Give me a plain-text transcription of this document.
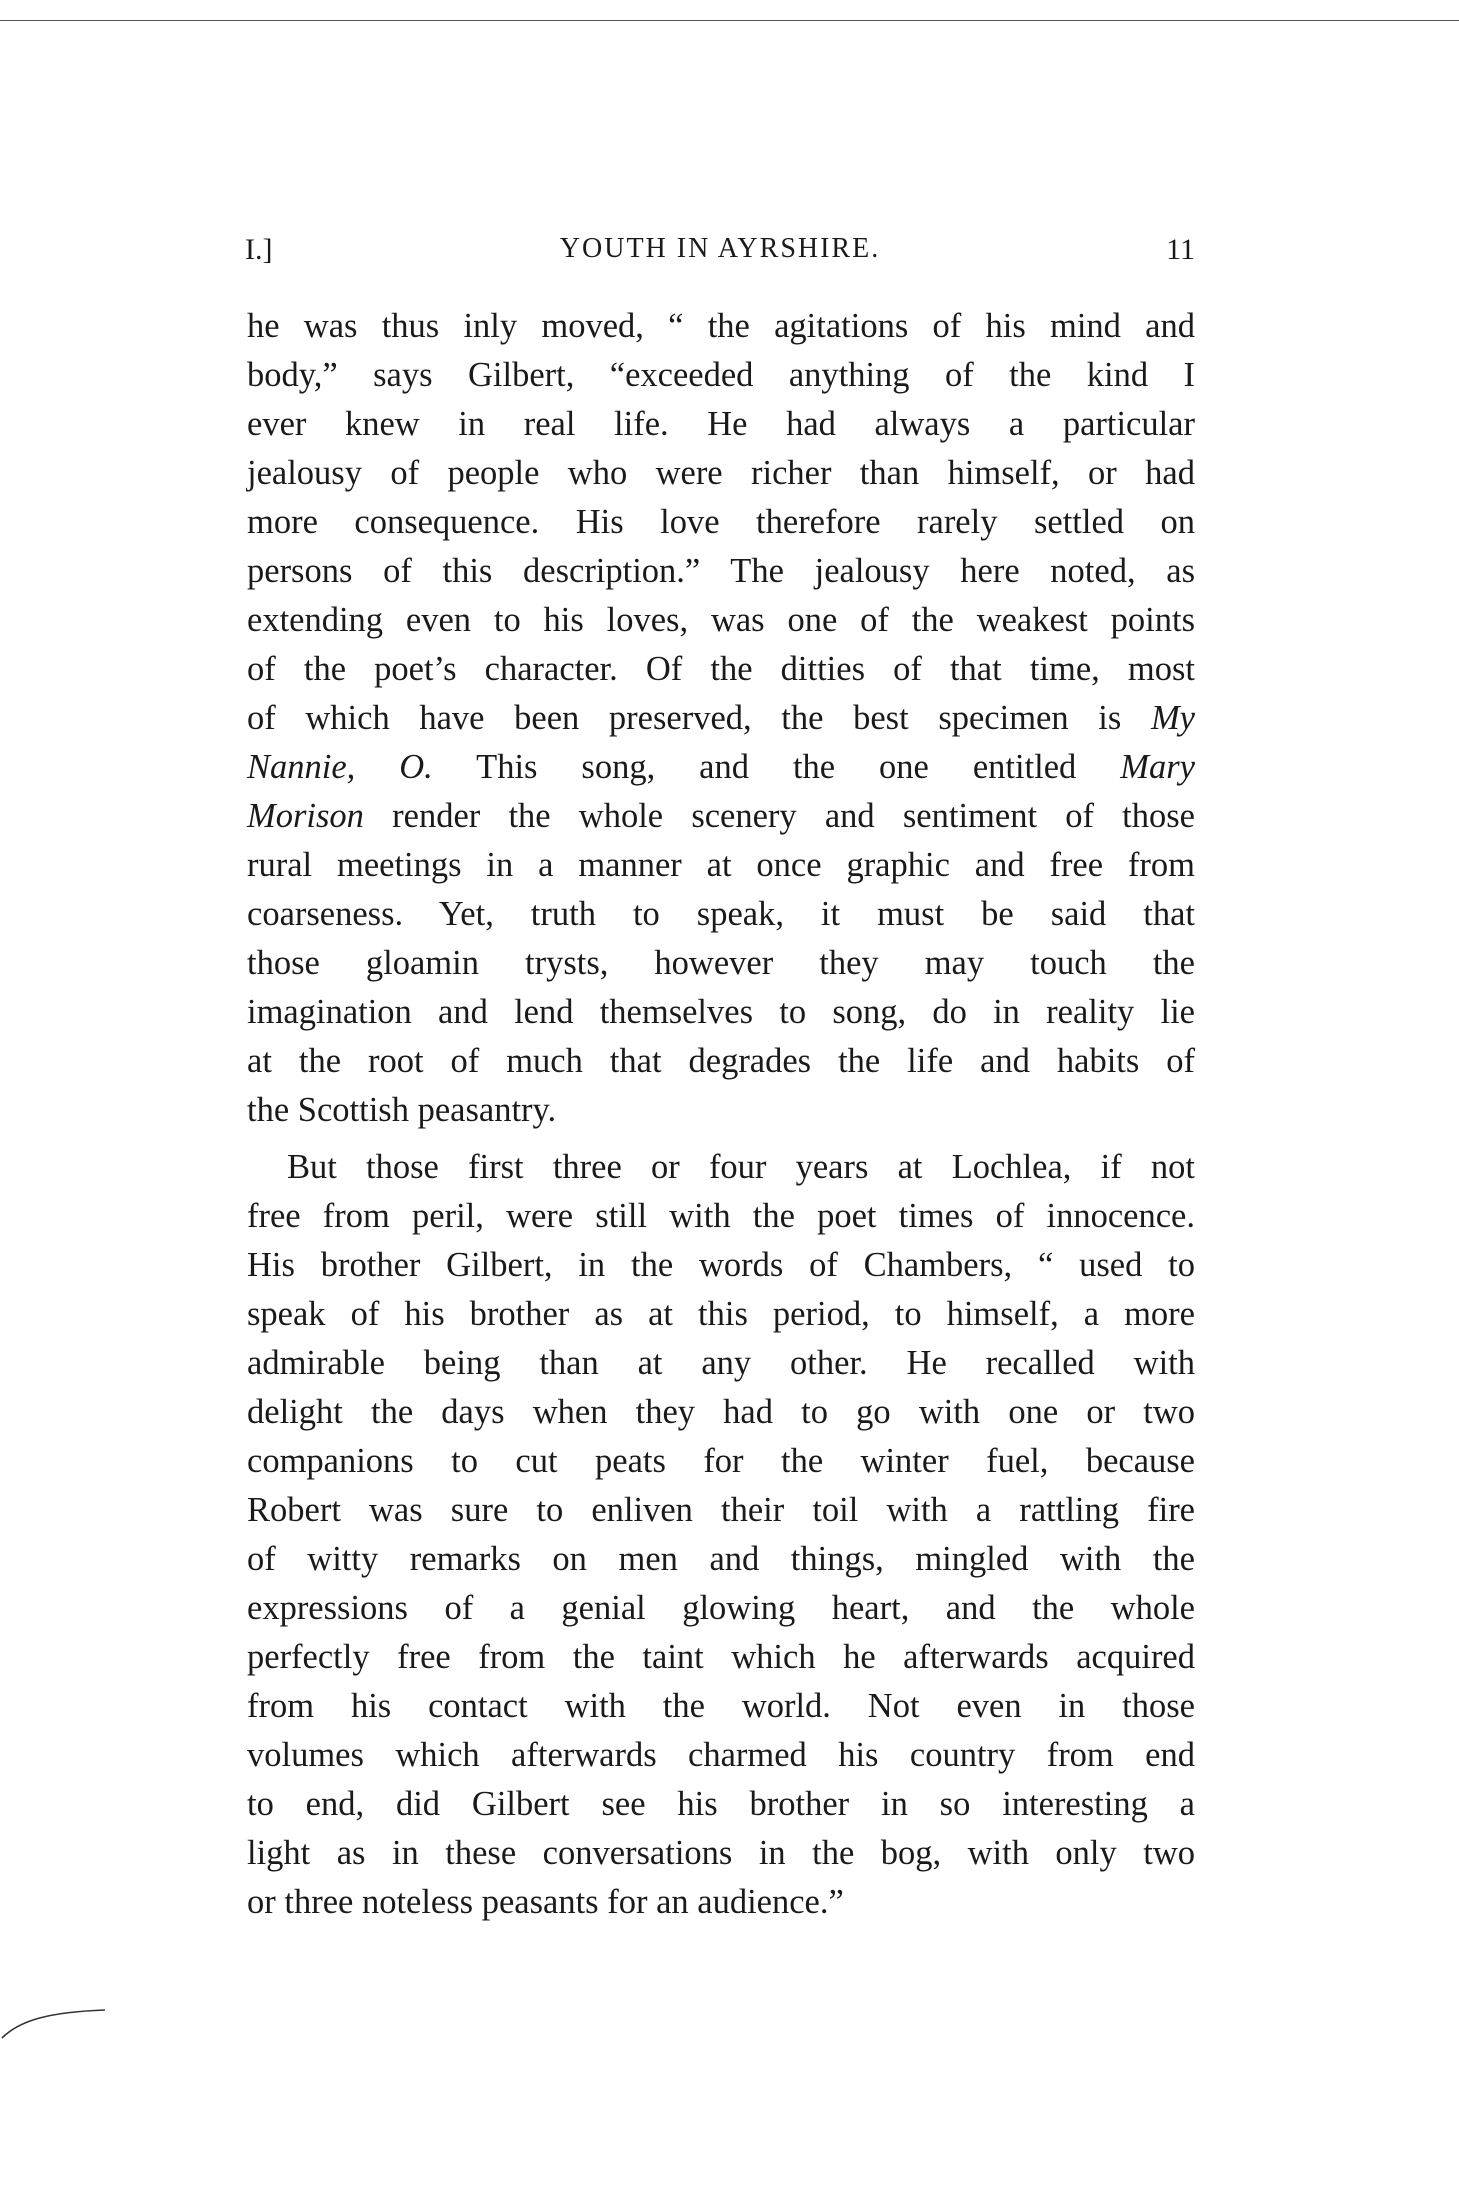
I.]	YOUTH IN AYRSHIRE.	11
he was thus inly moved, “ the agitations of his mind and
body,” says Gilbert, “exceeded anything of the kind I
ever knew in real life. He had always a particular
jealousy of people who were richer than himself, or had
more consequence. His love therefore rarely settled on
persons of this description.” The jealousy here noted, as
extending even to his loves, was one of the weakest points
of the poet’s character. Of the ditties of that time, most
of which have been preserved, the best specimen is My
Nannie, O. This song, and the one entitled Mary
Morison render the whole scenery and sentiment of those
rural meetings in a manner at once graphic and free from
coarseness. Yet, truth to speak, it must be said that
those gloamin trysts, however they may touch the
imagination and lend themselves to song, do in reality lie
at the root of much that degrades the life and habits of
the Scottish peasantry.
But those first three or four years at Lochlea, if not
free from peril, were still with the poet times of innocence.
His brother Gilbert, in the words of Chambers, “ used to
speak of his brother as at this period, to himself, a more
admirable being than at any other. He recalled with
delight the days when they had to go with one or two
companions to cut peats for the winter fuel, because
Robert was sure to enliven their toil with a rattling fire
of witty remarks on men and things, mingled with the
expressions of a genial glowing heart, and the whole
perfectly free from the taint which he afterwards acquired
from his contact with the world. Not even in those
volumes which afterwards charmed his country from end
to end, did Gilbert see his brother in so interesting a
light as in these conversations in the bog, with only two
or three noteless peasants for an audience.”
